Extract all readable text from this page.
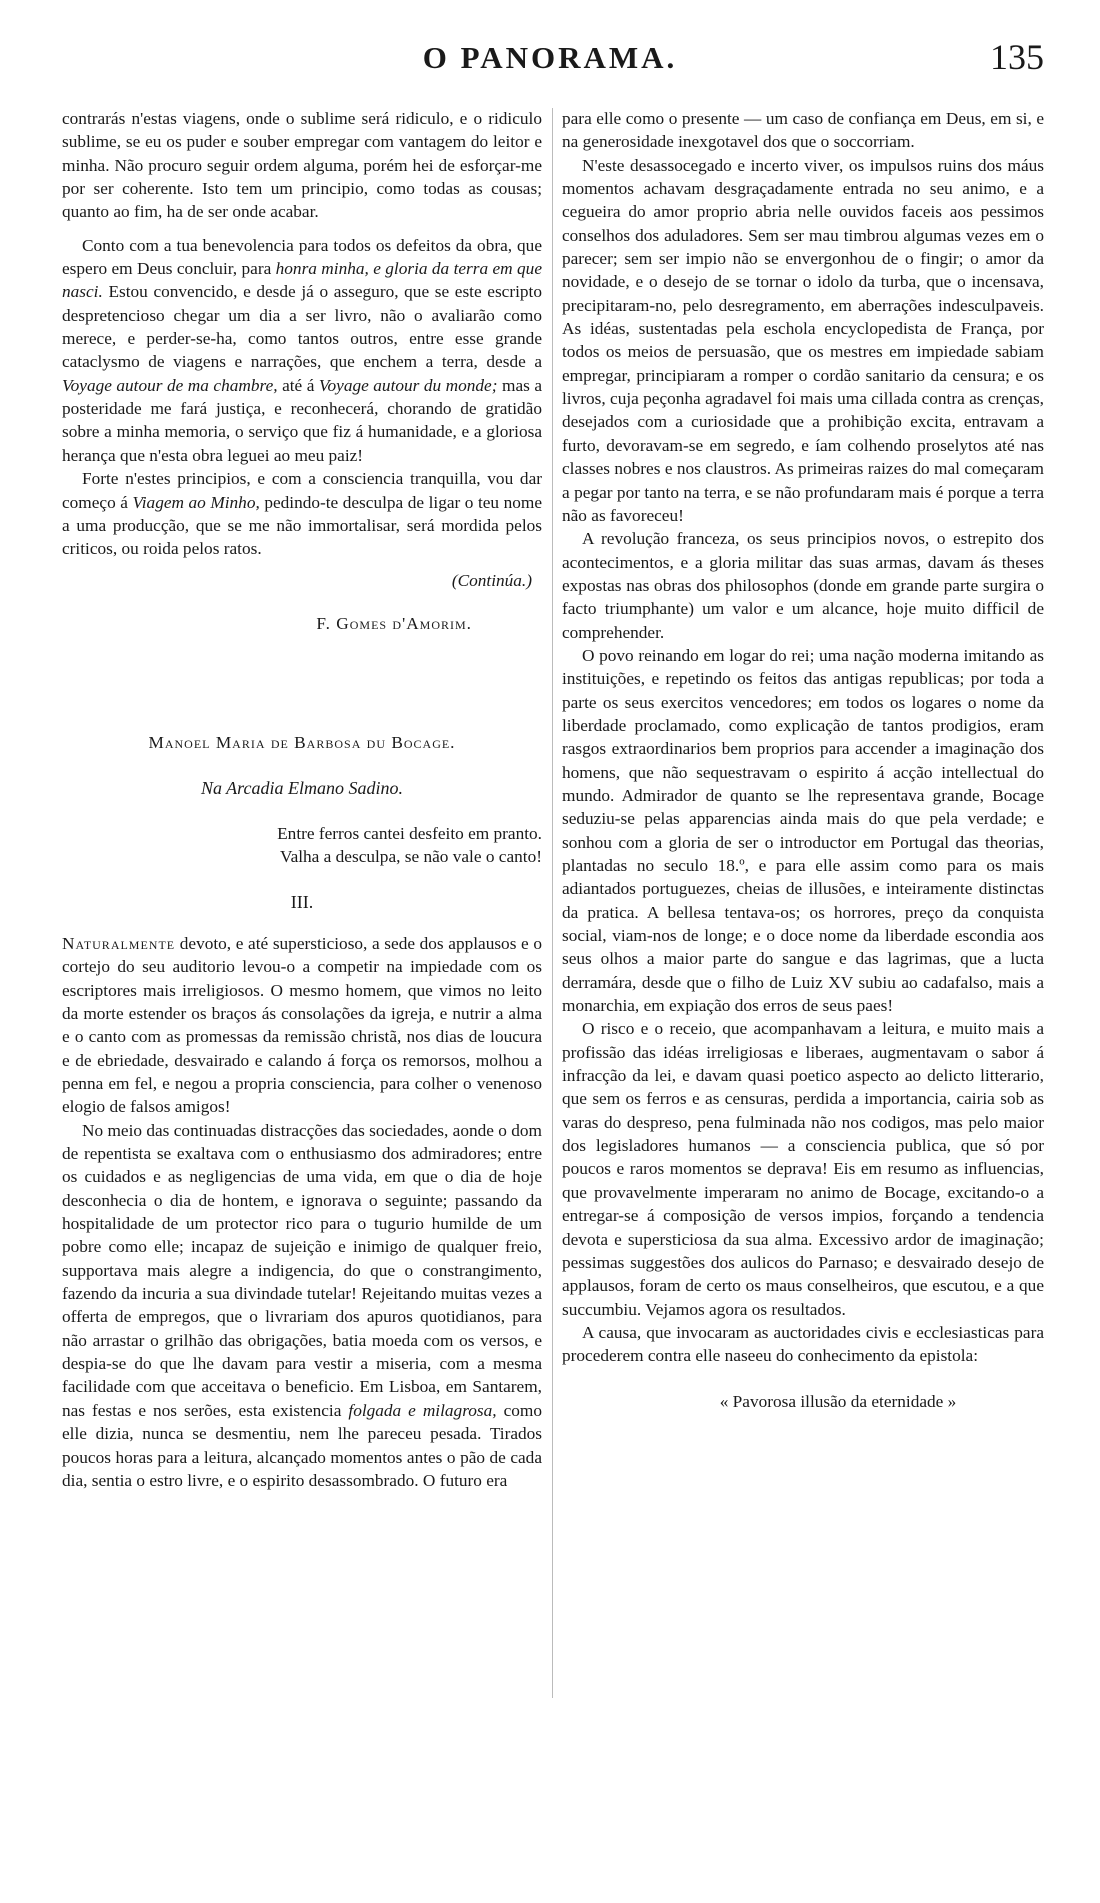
O PANORAMA.	135

contrarás n'estas viagens, onde o sublime será ridiculo, e o ridiculo sublime, se eu os puder e souber empregar com vantagem do leitor e minha. Não procuro seguir ordem alguma, porém hei de esforçar-me por ser coherente. Isto tem um principio, como todas as cousas; quanto ao fim, ha de ser onde acabar.

Conto com a tua benevolencia para todos os defeitos da obra, que espero em Deus concluir, para honra minha, e gloria da terra em que nasci. Estou convencido, e desde já o asseguro, que se este escripto despretencioso chegar um dia a ser livro, não o avaliarão como merece, e perder-se-ha, como tantos outros, entre esse grande cataclysmo de viagens e narrações, que enchem a terra, desde a Voyage autour de ma chambre, até á Voyage autour du monde; mas a posteridade me fará justiça, e reconhecerá, chorando de gratidão sobre a minha memoria, o serviço que fiz á humanidade, e a gloriosa herança que n'esta obra leguei ao meu paiz!

Forte n'estes principios, e com a consciencia tranquilla, vou dar começo á Viagem ao Minho, pedindo-te desculpa de ligar o teu nome a uma producção, que se me não immortalisar, será mordida pelos criticos, ou roida pelos ratos.

(Continúa.)
F. Gomes d'Amorim.
Manoel Maria de Barbosa du Bocage.
Na Arcadia Elmano Sadino.
Entre ferros cantei desfeito em pranto.
Valha a desculpa, se não vale o canto!
III.

Naturalmente devoto, e até supersticioso, a sede dos applausos e o cortejo do seu auditorio levou-o a competir na impiedade com os escriptores mais irreligiosos. O mesmo homem, que vimos no leito da morte estender os braços ás consolações da igreja, e nutrir a alma e o canto com as promessas da remissão christã, nos dias de loucura e de ebriedade, desvairado e calando á força os remorsos, molhou a penna em fel, e negou a propria consciencia, para colher o venenoso elogio de falsos amigos!

No meio das continuadas distracções das sociedades, aonde o dom de repentista se exaltava com o enthusiasmo dos admiradores; entre os cuidados e as negligencias de uma vida, em que o dia de hoje desconhecia o dia de hontem, e ignorava o seguinte; passando da hospitalidade de um protector rico para o tugurio humilde de um pobre como elle; incapaz de sujeição e inimigo de qualquer freio, supportava mais alegre a indigencia, do que o constrangimento, fazendo da incuria a sua divindade tutelar! Rejeitando muitas vezes a offerta de empregos, que o livrariam dos apuros quotidianos, para não arrastar o grilhão das obrigações, batia moeda com os versos, e despia-se do que lhe davam para vestir a miseria, com a mesma facilidade com que acceitava o beneficio. Em Lisboa, em Santarem, nas festas e nos serões, esta existencia folgada e milagrosa, como elle dizia, nunca se desmentiu, nem lhe pareceu pesada. Tirados poucos horas para a leitura, alcançado momentos antes o pão de cada dia, sentia o estro livre, e o espirito desassombrado. O futuro era

para elle como o presente — um caso de confiança em Deus, em si, e na generosidade inexgotavel dos que o soccorriam.

N'este desassocegado e incerto viver, os impulsos ruins dos máus momentos achavam desgraçadamente entrada no seu animo, e a cegueira do amor proprio abria nelle ouvidos faceis aos pessimos conselhos dos aduladores. Sem ser mau timbrou algumas vezes em o parecer; sem ser impio não se envergonhou de o fingir; o amor da novidade, e o desejo de se tornar o idolo da turba, que o incensava, precipitaram-no, pelo desregramento, em aberrações indesculpaveis. As idéas, sustentadas pela eschola encyclopedista de França, por todos os meios de persuasão, que os mestres em impiedade sabiam empregar, principiaram a romper o cordão sanitario da censura; e os livros, cuja peçonha agradavel foi mais uma cillada contra as crenças, desejados com a curiosidade que a prohibição excita, entravam a furto, devoravam-se em segredo, e íam colhendo proselytos até nas classes nobres e nos claustros. As primeiras raizes do mal começaram a pegar por tanto na terra, e se não profundaram mais é porque a terra não as favoreceu!

A revolução franceza, os seus principios novos, o estrepito dos acontecimentos, e a gloria militar das suas armas, davam ás theses expostas nas obras dos philosophos (donde em grande parte surgira o facto triumphante) um valor e um alcance, hoje muito difficil de comprehender.

O povo reinando em logar do rei; uma nação moderna imitando as instituições, e repetindo os feitos das antigas republicas; por toda a parte os seus exercitos vencedores; em todos os logares o nome da liberdade proclamado, como explicação de tantos prodigios, eram rasgos extraordinarios bem proprios para accender a imaginação dos homens, que não sequestravam o espirito á acção intellectual do mundo. Admirador de quanto se lhe representava grande, Bocage seduziu-se pelas apparencias ainda mais do que pela verdade; e sonhou com a gloria de ser o introductor em Portugal das theorias, plantadas no seculo 18.º, e para elle assim como para os mais adiantados portuguezes, cheias de illusões, e inteiramente distinctas da pratica. A bellesa tentava-os; os horrores, preço da conquista social, viam-nos de longe; e o doce nome da liberdade escondia aos seus olhos a maior parte do sangue e das lagrimas, que a lucta derramára, desde que o filho de Luiz XV subiu ao cadafalso, mais a monarchia, em expiação dos erros de seus paes!

O risco e o receio, que acompanhavam a leitura, e muito mais a profissão das idéas irreligiosas e liberaes, augmentavam o sabor á infracção da lei, e davam quasi poetico aspecto ao delicto litterario, que sem os ferros e as censuras, perdida a importancia, cairia sob as varas do despreso, pena fulminada não nos codigos, mas pelo maior dos legisladores humanos — a consciencia publica, que só por poucos e raros momentos se deprava! Eis em resumo as influencias, que provavelmente imperaram no animo de Bocage, excitando-o a entregar-se á composição de versos impios, forçando a tendencia devota e supersticiosa da sua alma. Excessivo ardor de imaginação; pessimas suggestões dos aulicos do Parnaso; e desvairado desejo de applausos, foram de certo os maus conselheiros, que escutou, e a que succumbiu. Vejamos agora os resultados.

A causa, que invocaram as auctoridades civis e ecclesiasticas para procederem contra elle naseeu do conhecimento da epistola:

« Pavorosa illusão da eternidade »
